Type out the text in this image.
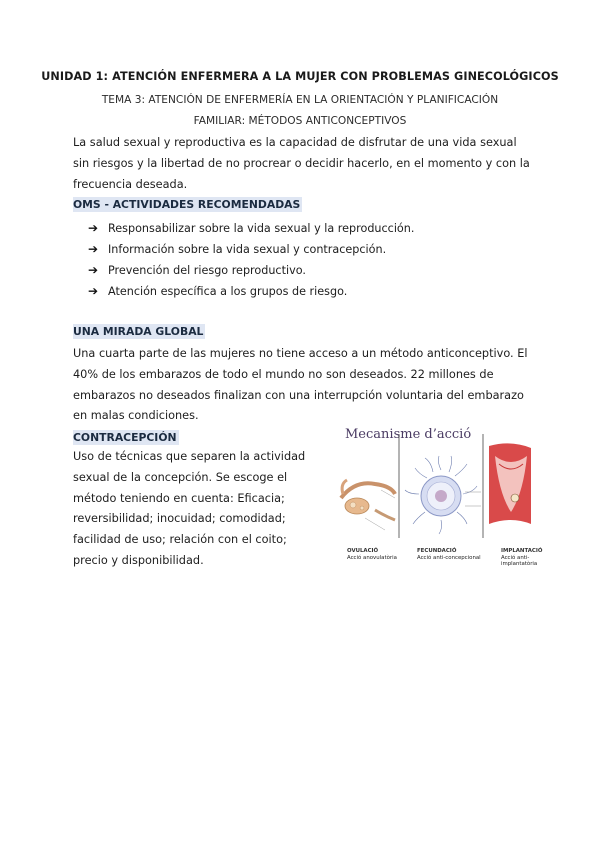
UNIDAD 1: ATENCIÓN ENFERMERA A LA MUJER CON PROBLEMAS GINECOLÓGICOS
TEMA 3: ATENCIÓN DE ENFERMERÍA EN LA ORIENTACIÓN Y PLANIFICACIÓN
FAMILIAR: MÉTODOS ANTICONCEPTIVOS
La salud sexual y reproductiva es la capacidad de disfrutar de una vida sexual sin riesgos y la libertad de no procrear o decidir hacerlo, en el momento y con la frecuencia deseada.
OMS - ACTIVIDADES RECOMENDADAS
➔ Responsabilizar sobre la vida sexual y la reproducción.
➔ Información sobre la vida sexual y contracepción.
➔ Prevención del riesgo reproductivo.
➔ Atención específica a los grupos de riesgo.
UNA MIRADA GLOBAL
Una cuarta parte de las mujeres no tiene acceso a un método anticonceptivo. El 40% de los embarazos de todo el mundo no son deseados. 22 millones de embarazos no deseados finalizan con una interrupción voluntaria del embarazo en malas condiciones.
CONTRACEPCIÓN
Uso de técnicas que separen la actividad sexual de la concepción. Se escoge el método teniendo en cuenta: Eficacia; reversibilidad; inocuidad; comodidad; facilidad de uso; relación con el coito; precio y disponibilidad.
Mecanisme d’acció
OVULACIÓ
Acció anovulatòria
FECUNDACIÓ
Acció anti-concepcional
IMPLANTACIÓ
Acció anti-implantatòria
